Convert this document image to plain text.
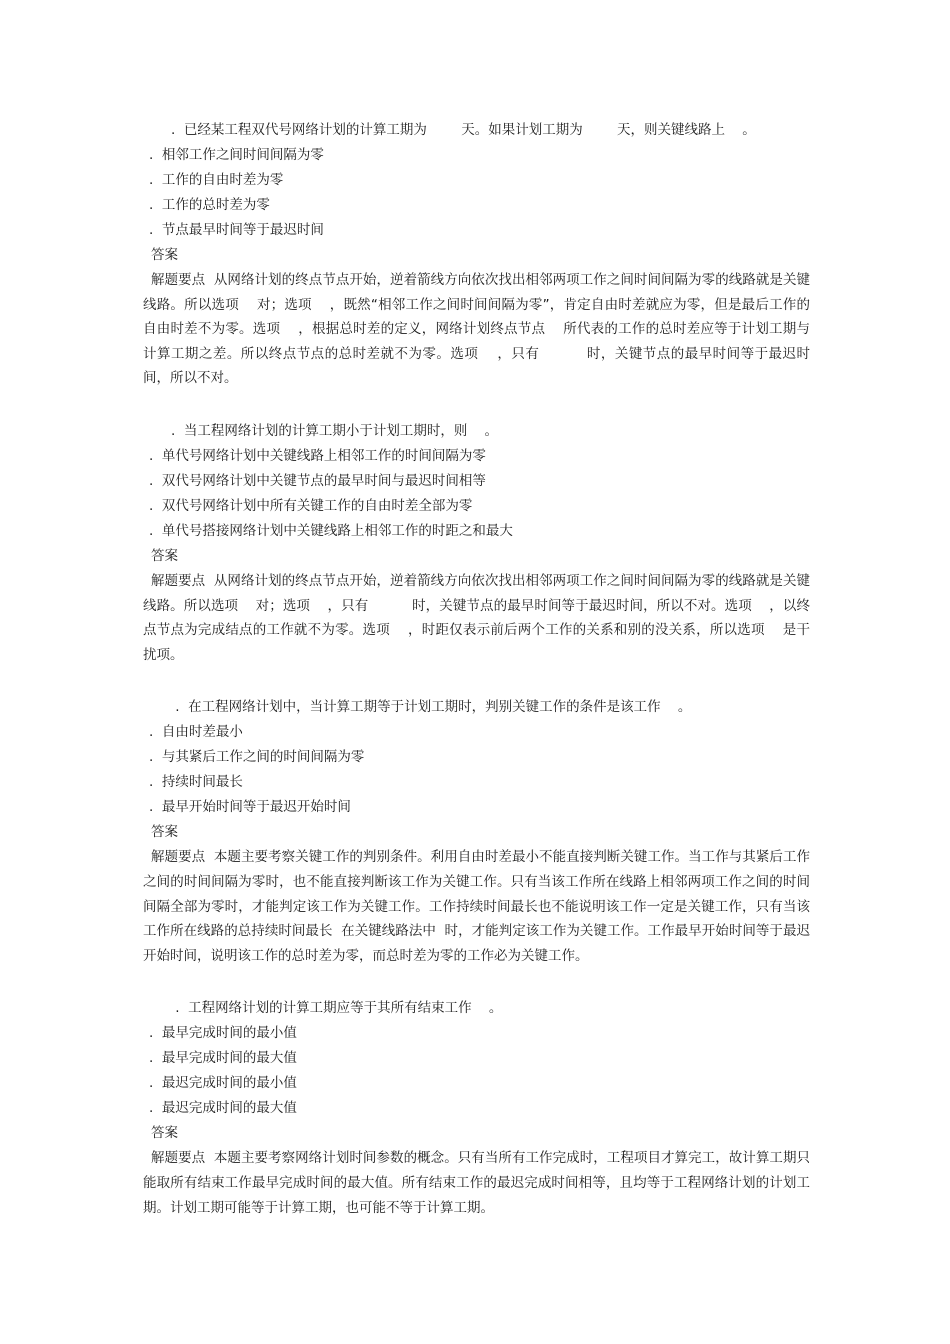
.  已经某工程双代号网络计划的计算工期为        天。如果计划工期为        天，则关键线路上    。
.  相邻工作之间时间间隔为零
.  工作的自由时差为零
.  工作的总时差为零
.  节点最早时间等于最迟时间
答案
解题要点  从网络计划的终点节点开始，逆着箭线方向依次找出相邻两项工作之间时间间隔为零的线路就是关键线路。所以选项    对；选项    ，既然“相邻工作之间时间间隔为零”，肯定自由时差就应为零，但是最后工作的自由时差不为零。选项    ，根据总时差的定义，网络计划终点节点    所代表的工作的总时差应等于计划工期与计算工期之差。所以终点节点的总时差就不为零。选项    ，只有          时，关键节点的最早时间等于最迟时间，所以不对。
.  当工程网络计划的计算工期小于计划工期时，则    。
.  单代号网络计划中关键线路上相邻工作的时间间隔为零
.  双代号网络计划中关键节点的最早时间与最迟时间相等
.  双代号网络计划中所有关键工作的自由时差全部为零
.  单代号搭接网络计划中关键线路上相邻工作的时距之和最大
答案
解题要点  从网络计划的终点节点开始，逆着箭线方向依次找出相邻两项工作之间时间间隔为零的线路就是关键线路。所以选项    对；选项    ，只有          时，关键节点的最早时间等于最迟时间，所以不对。选项    ，以终点节点为完成结点的工作就不为零。选项    ，时距仅表示前后两个工作的关系和别的没关系，所以选项    是干扰项。
.  在工程网络计划中，当计算工期等于计划工期时，判别关键工作的条件是该工作    。
.  自由时差最小
.  与其紧后工作之间的时间间隔为零
.  持续时间最长
.  最早开始时间等于最迟开始时间
答案
解题要点  本题主要考察关键工作的判别条件。利用自由时差最小不能直接判断关键工作。当工作与其紧后工作之间的时间间隔为零时，也不能直接判断该工作为关键工作。只有当该工作所在线路上相邻两项工作之间的时间间隔全部为零时，才能判定该工作为关键工作。工作持续时间最长也不能说明该工作一定是关键工作，只有当该工作所在线路的总持续时间最长  在关键线路法中  时，才能判定该工作为关键工作。工作最早开始时间等于最迟开始时间，说明该工作的总时差为零，而总时差为零的工作必为关键工作。
.  工程网络计划的计算工期应等于其所有结束工作    。
.  最早完成时间的最小值
.  最早完成时间的最大值
.  最迟完成时间的最小值
.  最迟完成时间的最大值
答案
解题要点  本题主要考察网络计划时间参数的概念。只有当所有工作完成时，工程项目才算完工，故计算工期只能取所有结束工作最早完成时间的最大值。所有结束工作的最迟完成时间相等，且均等于工程网络计划的计划工期。计划工期可能等于计算工期，也可能不等于计算工期。
